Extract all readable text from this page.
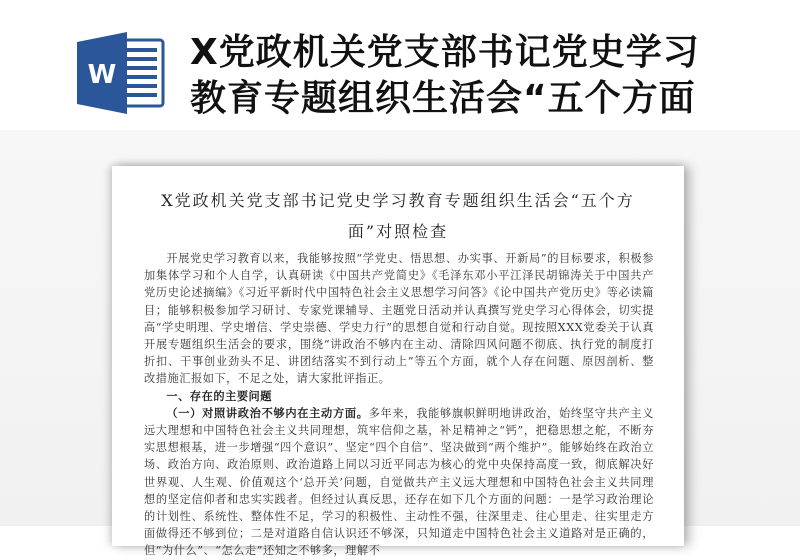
W
X党政机关党支部书记党史学习
教育专题组织生活会“五个方面
X党政机关党支部书记党史学习教育专题组织生活会“五个方
面”对照检查

开展党史学习教育以来，我能够按照“学党史、悟思想、办实事、开新局”的目标要求，积极参加集体学习和个人自学，认真研读《中国共产党简史》《毛泽东邓小平江泽民胡锦涛关于中国共产党历史论述摘编》《习近平新时代中国特色社会主义思想学习问答》《论中国共产党历史》等必读篇目；能够积极参加学习研讨、专家党课辅导、主题党日活动并认真撰写党史学习心得体会，切实提高“学史明理、学史增信、学史崇德、学史力行”的思想自觉和行动自觉。现按照XXX党委关于认真开展专题组织生活会的要求，围绕“讲政治不够内在主动、清除四风问题不彻底、执行党的制度打折扣、干事创业劲头不足、讲团结落实不到行动上”等五个方面，就个人存在问题、原因剖析、整改措施汇报如下，不足之处，请大家批评指正。

一、存在的主要问题

（一）对照讲政治不够内在主动方面。多年来，我能够旗帜鲜明地讲政治，始终坚守共产主义远大理想和中国特色社会主义共同理想，筑牢信仰之基，补足精神之“钙”，把稳思想之舵，不断夯实思想根基，进一步增强“四个意识”、坚定“四个自信”、坚决做到“两个维护”。能够始终在政治立场、政治方向、政治原则、政治道路上同以习近平同志为核心的党中央保持高度一致，彻底解决好世界观、人生观、价值观这个‘总开关’问题，自觉做共产主义远大理想和中国特色社会主义共同理想的坚定信仰者和忠实实践者。但经过认真反思，还存在如下几个方面的问题：一是学习政治理论的计划性、系统性、整体性不足，学习的积极性、主动性不强，往深里走、往心里走、往实里走方面做得还不够到位；二是对道路自信认识还不够深，只知道走中国特色社会主义道路对是正确的，但“为什么”、“怎么走”还知之不够多，理解不
